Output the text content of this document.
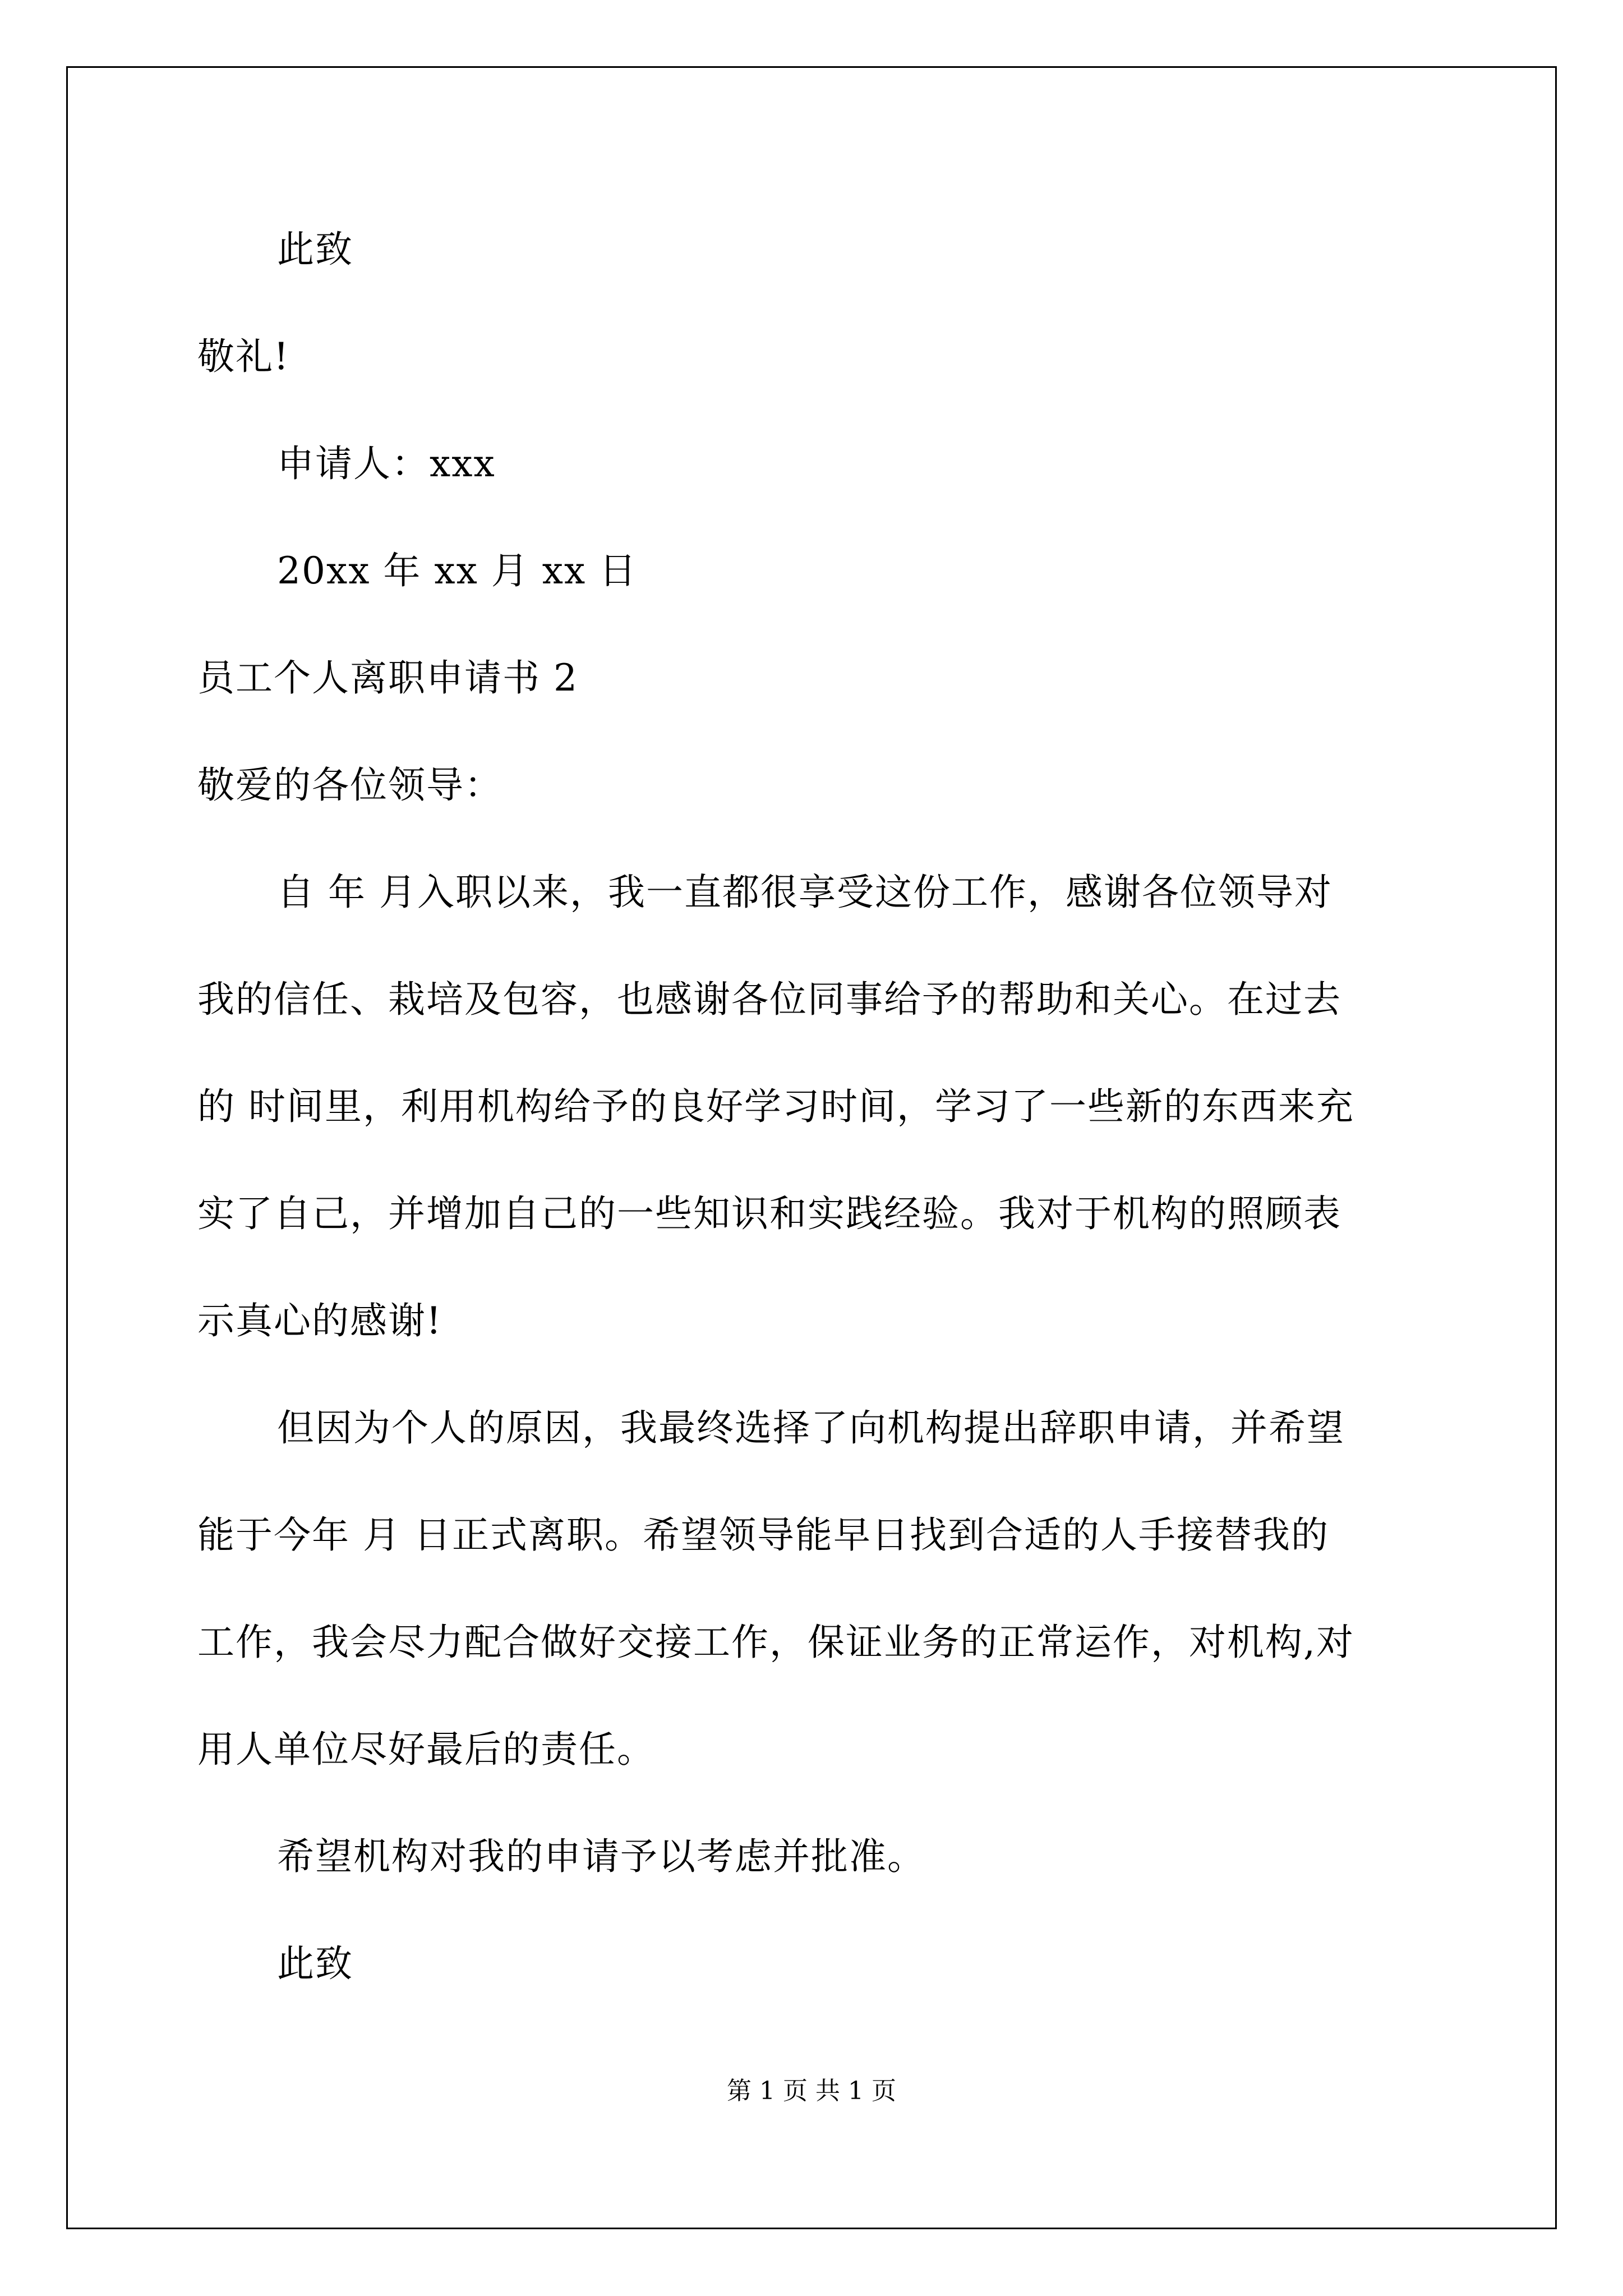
此致
敬礼!
申请人：xxx
20xx 年 xx 月 xx 日
员工个人离职申请书 2
敬爱的各位领导：
自 年 月入职以来，我一直都很享受这份工作，感谢各位领导对
我的信任、栽培及包容，也感谢各位同事给予的帮助和关心。在过去
的 时间里，利用机构给予的良好学习时间，学习了一些新的东西来充
实了自己，并增加自己的一些知识和实践经验。我对于机构的照顾表
示真心的感谢!
但因为个人的原因，我最终选择了向机构提出辞职申请，并希望
能于今年 月 日正式离职。希望领导能早日找到合适的人手接替我的
工作，我会尽力配合做好交接工作，保证业务的正常运作，对机构,对
用人单位尽好最后的责任。
希望机构对我的申请予以考虑并批准。
此致
第 1 页 共 1 页
